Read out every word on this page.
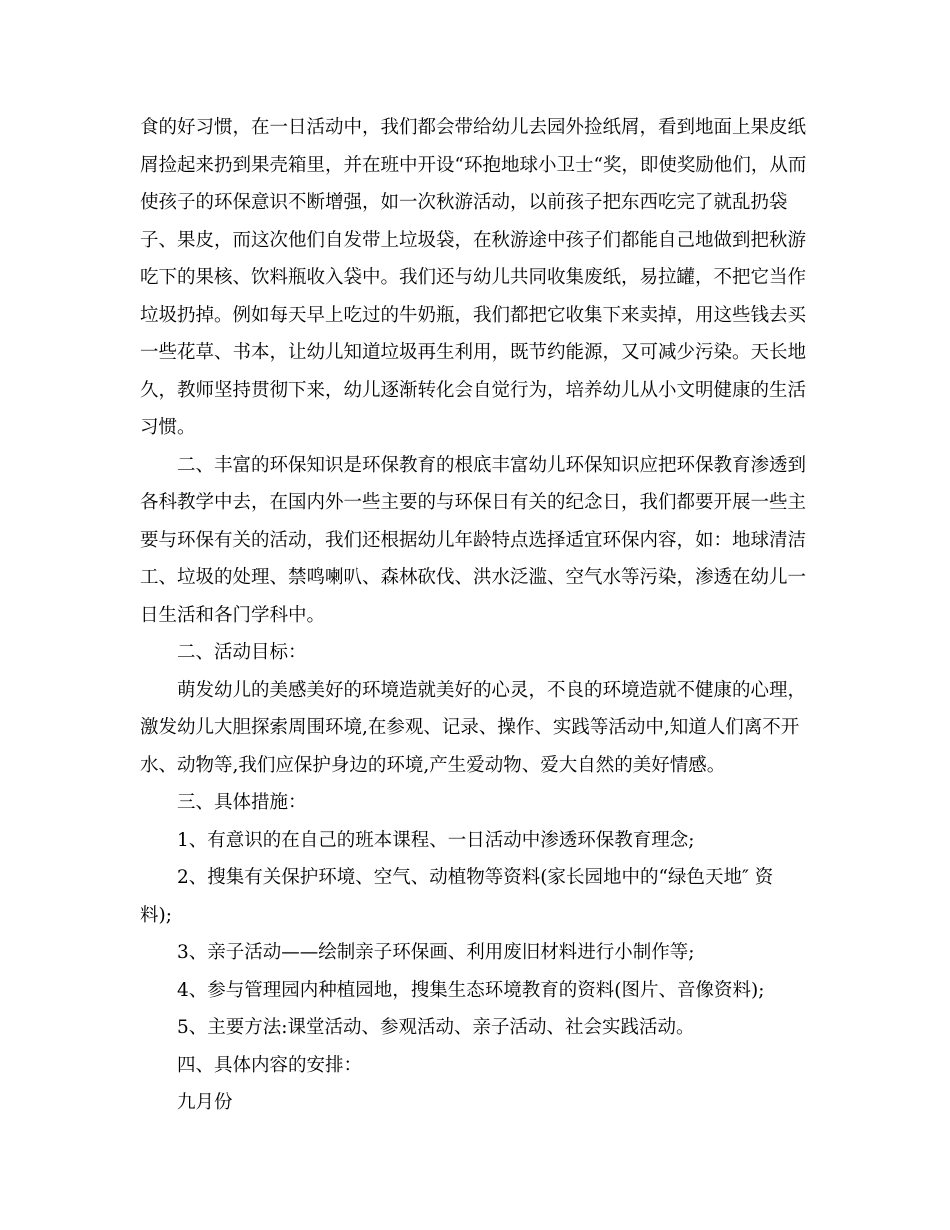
食的好习惯，在一日活动中，我们都会带给幼儿去园外捡纸屑，看到地面上果皮纸
屑捡起来扔到果壳箱里，并在班中开设“环抱地球小卫士“奖，即使奖励他们，从而
使孩子的环保意识不断增强，如一次秋游活动，以前孩子把东西吃完了就乱扔袋
子、果皮，而这次他们自发带上垃圾袋，在秋游途中孩子们都能自己地做到把秋游
吃下的果核、饮料瓶收入袋中。我们还与幼儿共同收集废纸，易拉罐，不把它当作
垃圾扔掉。例如每天早上吃过的牛奶瓶，我们都把它收集下来卖掉，用这些钱去买
一些花草、书本，让幼儿知道垃圾再生利用，既节约能源，又可减少污染。天长地
久，教师坚持贯彻下来，幼儿逐渐转化会自觉行为，培养幼儿从小文明健康的生活
习惯。
二、丰富的环保知识是环保教育的根底丰富幼儿环保知识应把环保教育渗透到
各科教学中去，在国内外一些主要的与环保日有关的纪念日，我们都要开展一些主
要与环保有关的活动，我们还根据幼儿年龄特点选择适宜环保内容，如：地球清洁
工、垃圾的处理、禁鸣喇叭、森林砍伐、洪水泛滥、空气水等污染，渗透在幼儿一
日生活和各门学科中。
二、活动目标：
萌发幼儿的美感美好的环境造就美好的心灵，不良的环境造就不健康的心理，
激发幼儿大胆探索周围环境,在参观、记录、操作、实践等活动中,知道人们离不开
水、动物等,我们应保护身边的环境,产生爱动物、爱大自然的美好情感。
三、具体措施：
1、有意识的在自己的班本课程、一日活动中渗透环保教育理念;
2、搜集有关保护环境、空气、动植物等资料(家长园地中的“绿色天地″ 资
料);
3、亲子活动——绘制亲子环保画、利用废旧材料进行小制作等;
4、参与管理园内种植园地，搜集生态环境教育的资料(图片、音像资料);
5、主要方法:课堂活动、参观活动、亲子活动、社会实践活动。
四、具体内容的安排：
九月份
